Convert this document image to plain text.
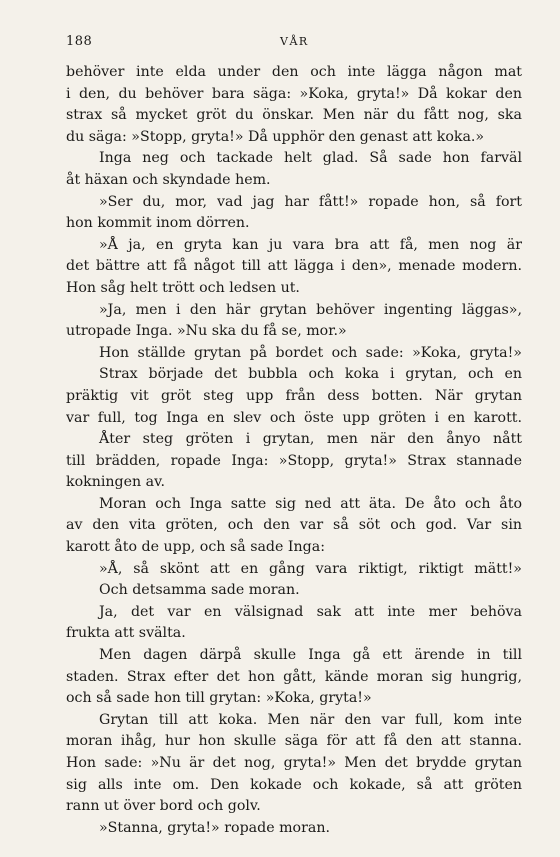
188	VÅR
behöver inte elda under den och inte lägga någon mat
i den, du behöver bara säga: »Koka, gryta!» Då kokar den
strax så mycket gröt du önskar. Men när du fått nog, ska
du säga: »Stopp, gryta!» Då upphör den genast att koka.»
Inga neg och tackade helt glad. Så sade hon farväl
åt häxan och skyndade hem.
»Ser du, mor, vad jag har fått!» ropade hon, så fort
hon kommit inom dörren.
»Å ja, en gryta kan ju vara bra att få, men nog är
det bättre att få något till att lägga i den», menade modern.
Hon såg helt trött och ledsen ut.
»Ja, men i den här grytan behöver ingenting läggas»,
utropade Inga. »Nu ska du få se, mor.»
Hon ställde grytan på bordet och sade: »Koka, gryta!»
Strax började det bubbla och koka i grytan, och en
präktig vit gröt steg upp från dess botten. När grytan
var full, tog Inga en slev och öste upp gröten i en karott.
Åter steg gröten i grytan, men när den ånyo nått
till brädden, ropade Inga: »Stopp, gryta!» Strax stannade
kokningen av.
Moran och Inga satte sig ned att äta. De åto och åto
av den vita gröten, och den var så söt och god. Var sin
karott åto de upp, och så sade Inga:
»Å, så skönt att en gång vara riktigt, riktigt mätt!»
Och detsamma sade moran.
Ja, det var en välsignad sak att inte mer behöva
frukta att svälta.
Men dagen därpå skulle Inga gå ett ärende in till
staden. Strax efter det hon gått, kände moran sig hungrig,
och så sade hon till grytan: »Koka, gryta!»
Grytan till att koka. Men när den var full, kom inte
moran ihåg, hur hon skulle säga för att få den att stanna.
Hon sade: »Nu är det nog, gryta!» Men det brydde grytan
sig alls inte om. Den kokade och kokade, så att gröten
rann ut över bord och golv.
»Stanna, gryta!» ropade moran.
